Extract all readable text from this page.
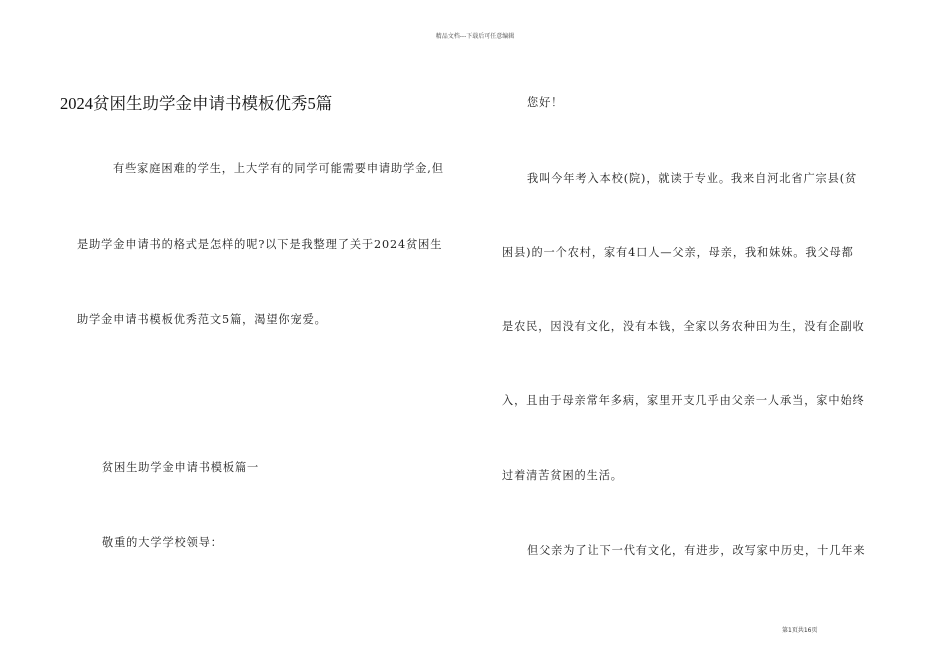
精品文档---下载后可任意编辑
2024贫困生助学金申请书模板优秀5篇
有些家庭困难的学生，上大学有的同学可能需要申请助学金,但
是助学金申请书的格式是怎样的呢?以下是我整理了关于2024贫困生
助学金申请书模板优秀范文5篇，渴望你宠爱。
贫困生助学金申请书模板篇一
敬重的大学学校领导：
您好！
我叫今年考入本校(院)，就读于专业。我来自河北省广宗县(贫
困县)的一个农村，家有4口人—父亲，母亲，我和妹妹。我父母都
是农民，因没有文化，没有本钱，全家以务农种田为生，没有企副收
入，且由于母亲常年多病，家里开支几乎由父亲一人承当，家中始终
过着清苦贫困的生活。
但父亲为了让下一代有文化，有进步，改写家中历史，十几年来
第1页共16页
